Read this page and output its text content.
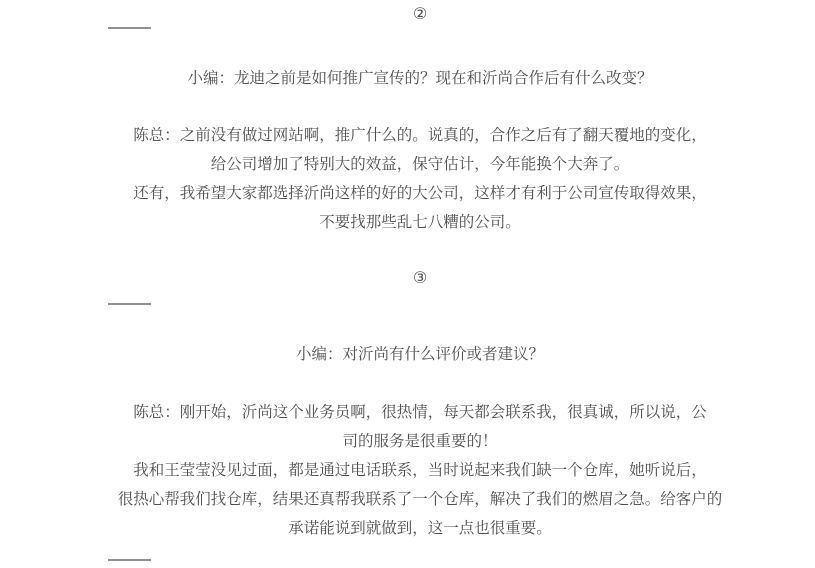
②
小编：龙迪之前是如何推广宣传的？现在和沂尚合作后有什么改变？
陈总：之前没有做过网站啊，推广什么的。说真的，合作之后有了翻天覆地的变化，
给公司增加了特别大的效益，保守估计，今年能换个大奔了。
还有，我希望大家都选择沂尚这样的好的大公司，这样才有利于公司宣传取得效果，
不要找那些乱七八糟的公司。
③
小编：对沂尚有什么评价或者建议？
陈总：刚开始，沂尚这个业务员啊，很热情，每天都会联系我，很真诚，所以说，公
司的服务是很重要的！
我和王莹莹没见过面，都是通过电话联系，当时说起来我们缺一个仓库，她听说后，
很热心帮我们找仓库，结果还真帮我联系了一个仓库，解决了我们的燃眉之急。给客户的
承诺能说到就做到，这一点也很重要。
